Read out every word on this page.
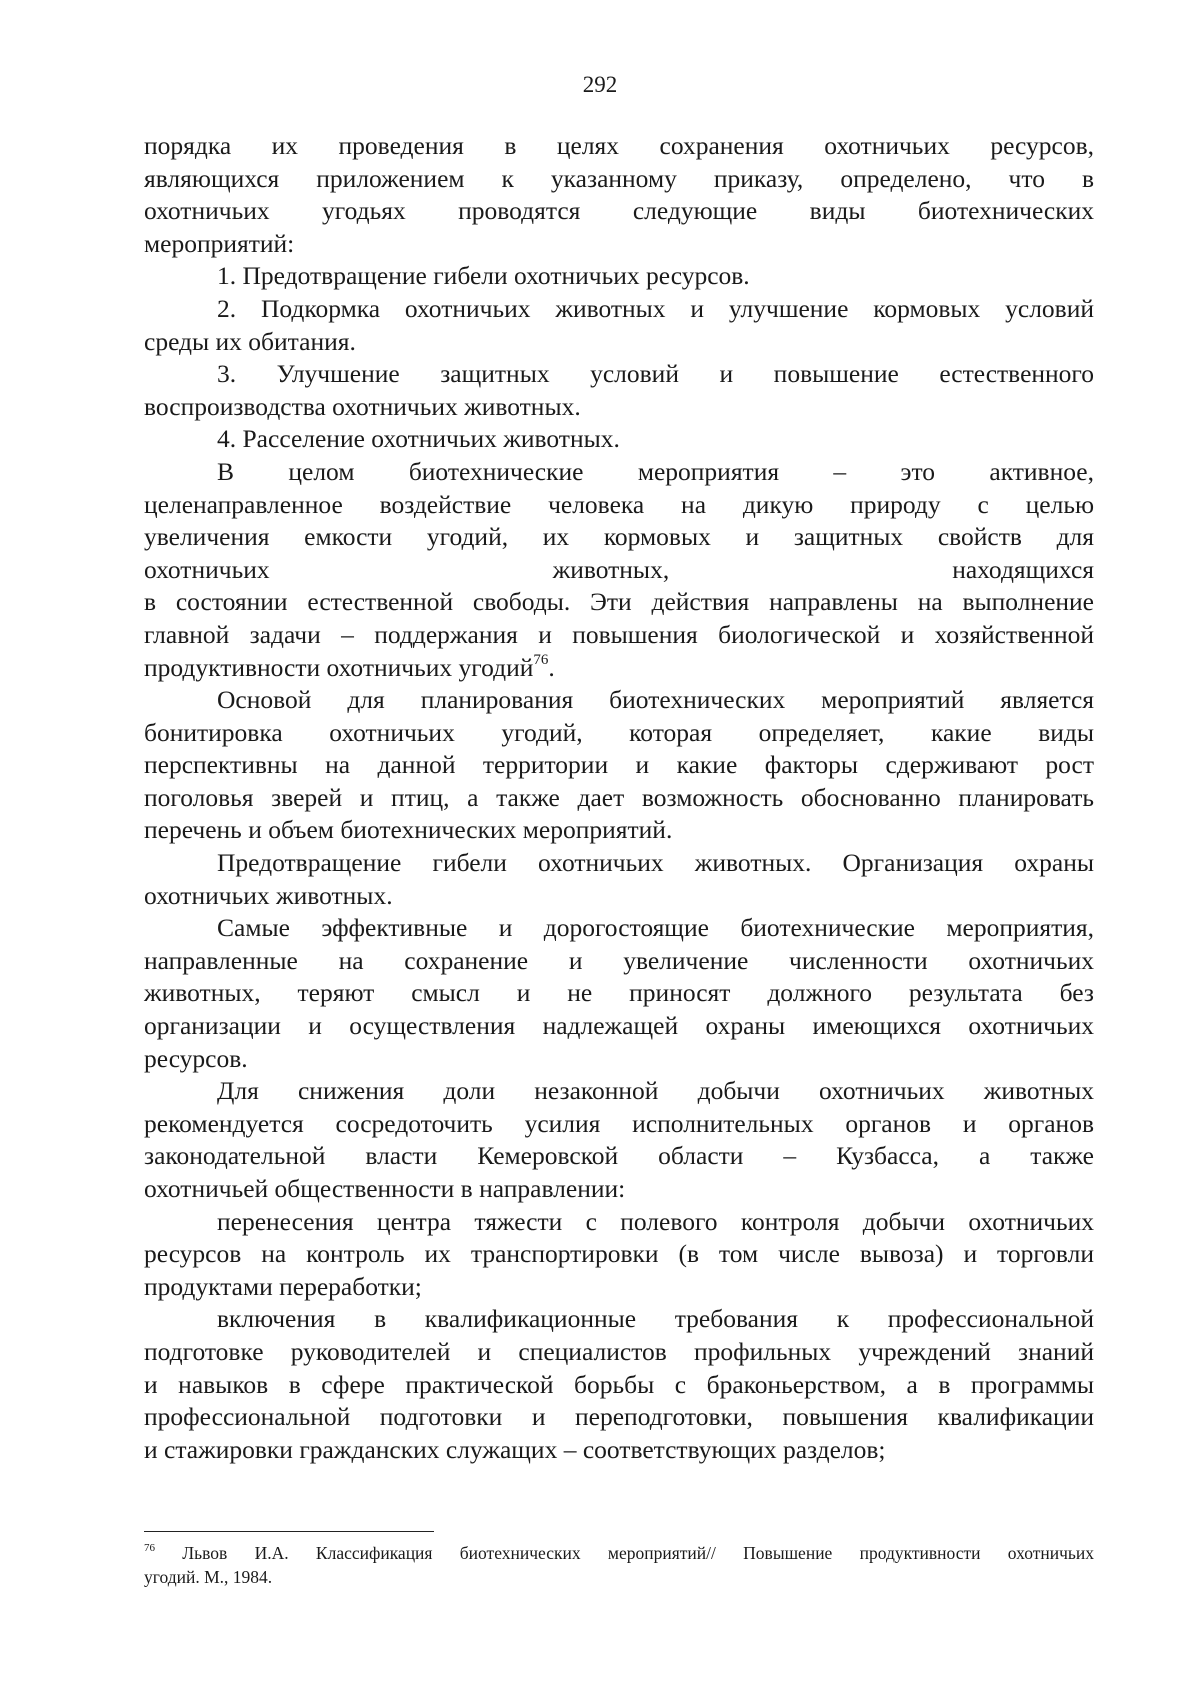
292

порядка их проведения в целях сохранения охотничьих ресурсов,
являющихся приложением к указанному приказу, определено, что в
охотничьих угодьях проводятся следующие виды биотехнических
мероприятий:

1. Предотвращение гибели охотничьих ресурсов.

2. Подкормка охотничьих животных и улучшение кормовых условий

среды их обитания.

3. Улучшение защитных условий и повышение естественного

воспроизводства охотничьих животных.

4. Расселение охотничьих животных.

В целом биотехнические мероприятия – это активное,

целенаправленное воздействие человека на дикую природу с целью
увеличения емкости угодий, их кормовых и защитных свойств для
охотничьих животных, находящихся
в состоянии естественной свободы. Эти действия направлены на выполнение
главной задачи – поддержания и повышения биологической и хозяйственной
продуктивности охотничьих угодий$^{76}$.

Основой для планирования биотехнических мероприятий является

бонитировка охотничьих угодий, которая определяет, какие виды
перспективны на данной территории и какие факторы сдерживают рост
поголовья зверей и птиц, а также дает возможность обоснованно планировать
перечень и объем биотехнических мероприятий.

Предотвращение гибели охотничьих животных. Организация охраны

охотничьих животных.

Самые эффективные и дорогостоящие биотехнические мероприятия,

направленные на сохранение и увеличение численности охотничьих
животных, теряют смысл и не приносят должного результата без
организации и осуществления надлежащей охраны имеющихся охотничьих
ресурсов.

Для снижения доли незаконной добычи охотничьих животных

рекомендуется сосредоточить усилия исполнительных органов и органов
законодательной власти Кемеровской области – Кузбасса, а также
охотничьей общественности в направлении:

перенесения центра тяжести с полевого контроля добычи охотничьих

ресурсов на контроль их транспортировки (в том числе вывоза) и торговли
продуктами переработки;

включения в квалификационные требования к профессиональной

подготовке руководителей и специалистов профильных учреждений знаний
и навыков в сфере практической борьбы с браконьерством, а в программы
профессиональной подготовки и переподготовки, повышения квалификации
и стажировки гражданских служащих – соответствующих разделов;

$^{76}$ Львов И.А. Классификация биотехнических мероприятий// Повышение продуктивности охотничьих
угодий. М., 1984.
